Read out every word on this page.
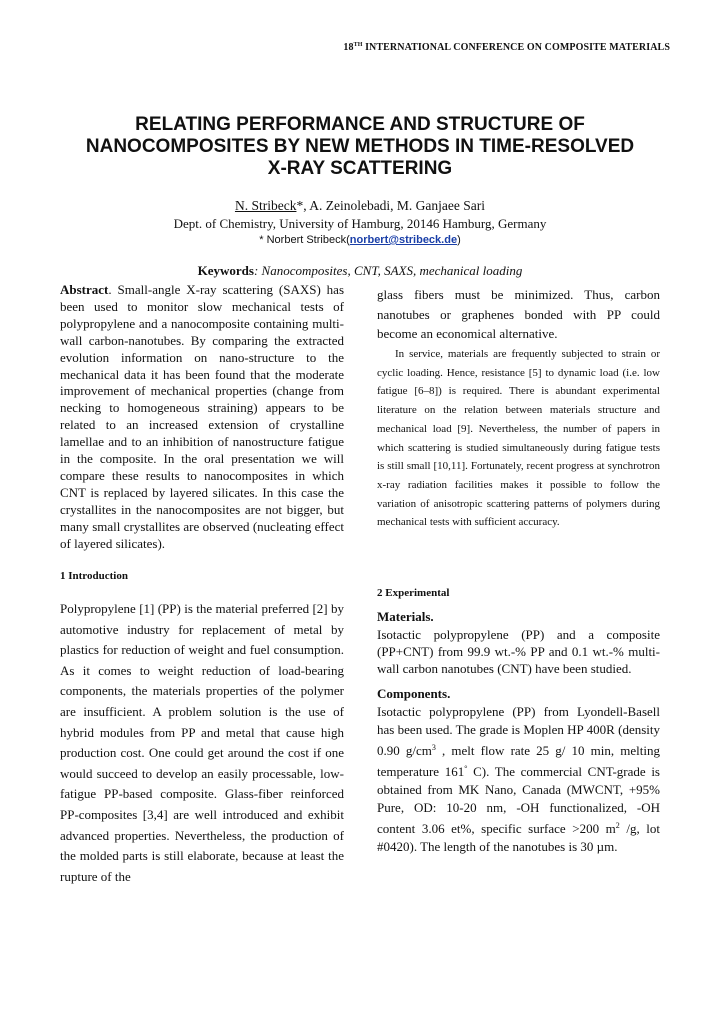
18TH INTERNATIONAL CONFERENCE ON COMPOSITE MATERIALS
RELATING PERFORMANCE AND STRUCTURE OF
NANOCOMPOSITES BY NEW METHODS IN TIME-RESOLVED
X-RAY SCATTERING
N. Stribeck*, A. Zeinolebadi, M. Ganjaee Sari
Dept. of Chemistry, University of Hamburg, 20146 Hamburg, Germany
* Norbert Stribeck(norbert@stribeck.de)
Keywords: Nanocomposites, CNT, SAXS, mechanical loading

Abstract. Small-angle X-ray scattering (SAXS) has been used to monitor slow mechanical tests of polypropylene and a nanocomposite containing multi-wall carbon-nanotubes. By comparing the extracted evolution information on nano-structure to the mechanical data it has been found that the moderate improvement of mechanical properties (change from necking to homogeneous straining) appears to be related to an increased extension of crystalline lamellae and to an inhibition of nanostructure fatigue in the composite. In the oral presentation we will compare these results to nanocomposites in which CNT is replaced by layered silicates. In this case the crystallites in the nanocomposites are not bigger, but many small crystallites are observed (nucleating effect of layered silicates).

1 Introduction

Polypropylene [1] (PP) is the material preferred [2] by automotive industry for replacement of metal by plastics for reduction of weight and fuel consumption. As it comes to weight reduction of load-bearing components, the materials properties of the polymer are insufficient. A problem solution is the use of hybrid modules from PP and metal that cause high production cost. One could get around the cost if one would succeed to develop an easily processable, low-fatigue PP-based composite. Glass-fiber reinforced PP-composites [3,4] are well introduced and exhibit advanced properties. Nevertheless, the production of the molded parts is still elaborate, because at least the rupture of the

glass fibers must be minimized. Thus, carbon nanotubes or graphenes bonded with PP could become an economical alternative.

In service, materials are frequently subjected to strain or cyclic loading. Hence, resistance [5] to dynamic load (i.e. low fatigue [6–8]) is required. There is abundant experimental literature on the relation between materials structure and mechanical load [9]. Nevertheless, the number of papers in which scattering is studied simultaneously during fatigue tests is still small [10,11]. Fortunately, recent progress at synchrotron x-ray radiation facilities makes it possible to follow the variation of anisotropic scattering patterns of polymers during mechanical tests with sufficient accuracy.

2 Experimental
Materials.

Isotactic polypropylene (PP) and a composite (PP+CNT) from 99.9 wt.-% PP and 0.1 wt.-% multi-wall carbon nanotubes (CNT) have been studied.

Components.

Isotactic polypropylene (PP) from Lyondell-Basell has been used. The grade is Moplen HP 400R (density 0.90 $g/cm^3$ , melt flow rate 25 g/ 10 min, melting temperature 161° C). The commercial CNT-grade is obtained from MK Nano, Canada (MWCNT, +95% Pure, OD: 10-20 nm, -OH functionalized, -OH content 3.06 et%, specific surface >200 $m^2$ /g, lot #0420). The length of the nanotubes is 30 µm.
